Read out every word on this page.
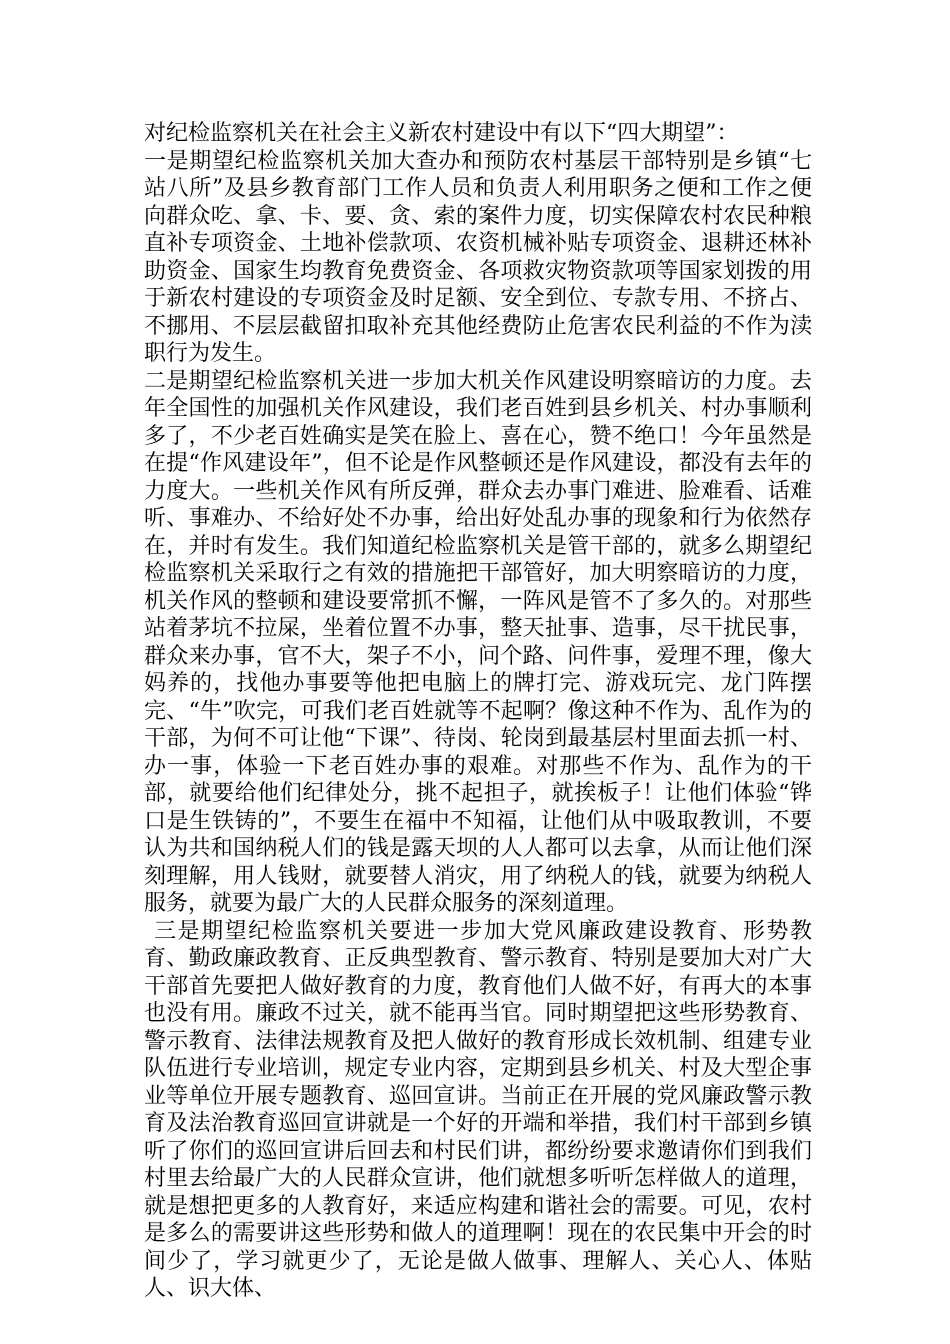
对纪检监察机关在社会主义新农村建设中有以下“四大期望”：

一是期望纪检监察机关加大查办和预防农村基层干部特别是乡镇“七站八所”及县乡教育部门工作人员和负责人利用职务之便和工作之便向群众吃、拿、卡、要、贪、索的案件力度，切实保障农村农民种粮直补专项资金、土地补偿款项、农资机械补贴专项资金、退耕还林补助资金、国家生均教育免费资金、各项救灾物资款项等国家划拨的用于新农村建设的专项资金及时足额、安全到位、专款专用、不挤占、不挪用、不层层截留扣取补充其他经费防止危害农民利益的不作为渎职行为发生。

二是期望纪检监察机关进一步加大机关作风建设明察暗访的力度。去年全国性的加强机关作风建设，我们老百姓到县乡机关、村办事顺利多了，不少老百姓确实是笑在脸上、喜在心，赞不绝口！今年虽然是在提“作风建设年”，但不论是作风整顿还是作风建设，都没有去年的力度大。一些机关作风有所反弹，群众去办事门难进、脸难看、话难听、事难办、不给好处不办事，给出好处乱办事的现象和行为依然存在，并时有发生。我们知道纪检监察机关是管干部的，就多么期望纪检监察机关采取行之有效的措施把干部管好，加大明察暗访的力度，机关作风的整顿和建设要常抓不懈，一阵风是管不了多久的。对那些站着茅坑不拉屎，坐着位置不办事，整天扯事、造事，尽干扰民事，群众来办事，官不大，架子不小，问个路、问件事，爱理不理，像大妈养的，找他办事要等他把电脑上的牌打完、游戏玩完、龙门阵摆完、“牛”吹完，可我们老百姓就等不起啊？像这种不作为、乱作为的干部，为何不可让他“下课”、待岗、轮岗到最基层村里面去抓一村、办一事，体验一下老百姓办事的艰难。对那些不作为、乱作为的干部，就要给他们纪律处分，挑不起担子，就挨板子！让他们体验“铧口是生铁铸的”，不要生在福中不知福，让他们从中吸取教训，不要认为共和国纳税人们的钱是露天坝的人人都可以去拿，从而让他们深刻理解，用人钱财，就要替人消灾，用了纳税人的钱，就要为纳税人服务，就要为最广大的人民群众服务的深刻道理。

三是期望纪检监察机关要进一步加大党风廉政建设教育、形势教育、勤政廉政教育、正反典型教育、警示教育、特别是要加大对广大干部首先要把人做好教育的力度，教育他们人做不好，有再大的本事也没有用。廉政不过关，就不能再当官。同时期望把这些形势教育、警示教育、法律法规教育及把人做好的教育形成长效机制、组建专业队伍进行专业培训，规定专业内容，定期到县乡机关、村及大型企事业等单位开展专题教育、巡回宣讲。当前正在开展的党风廉政警示教育及法治教育巡回宣讲就是一个好的开端和举措，我们村干部到乡镇听了你们的巡回宣讲后回去和村民们讲，都纷纷要求邀请你们到我们村里去给最广大的人民群众宣讲，他们就想多听听怎样做人的道理，就是想把更多的人教育好，来适应构建和谐社会的需要。可见，农村是多么的需要讲这些形势和做人的道理啊！现在的农民集中开会的时间少了，学习就更少了，无论是做人做事、理解人、关心人、体贴人、识大体、
